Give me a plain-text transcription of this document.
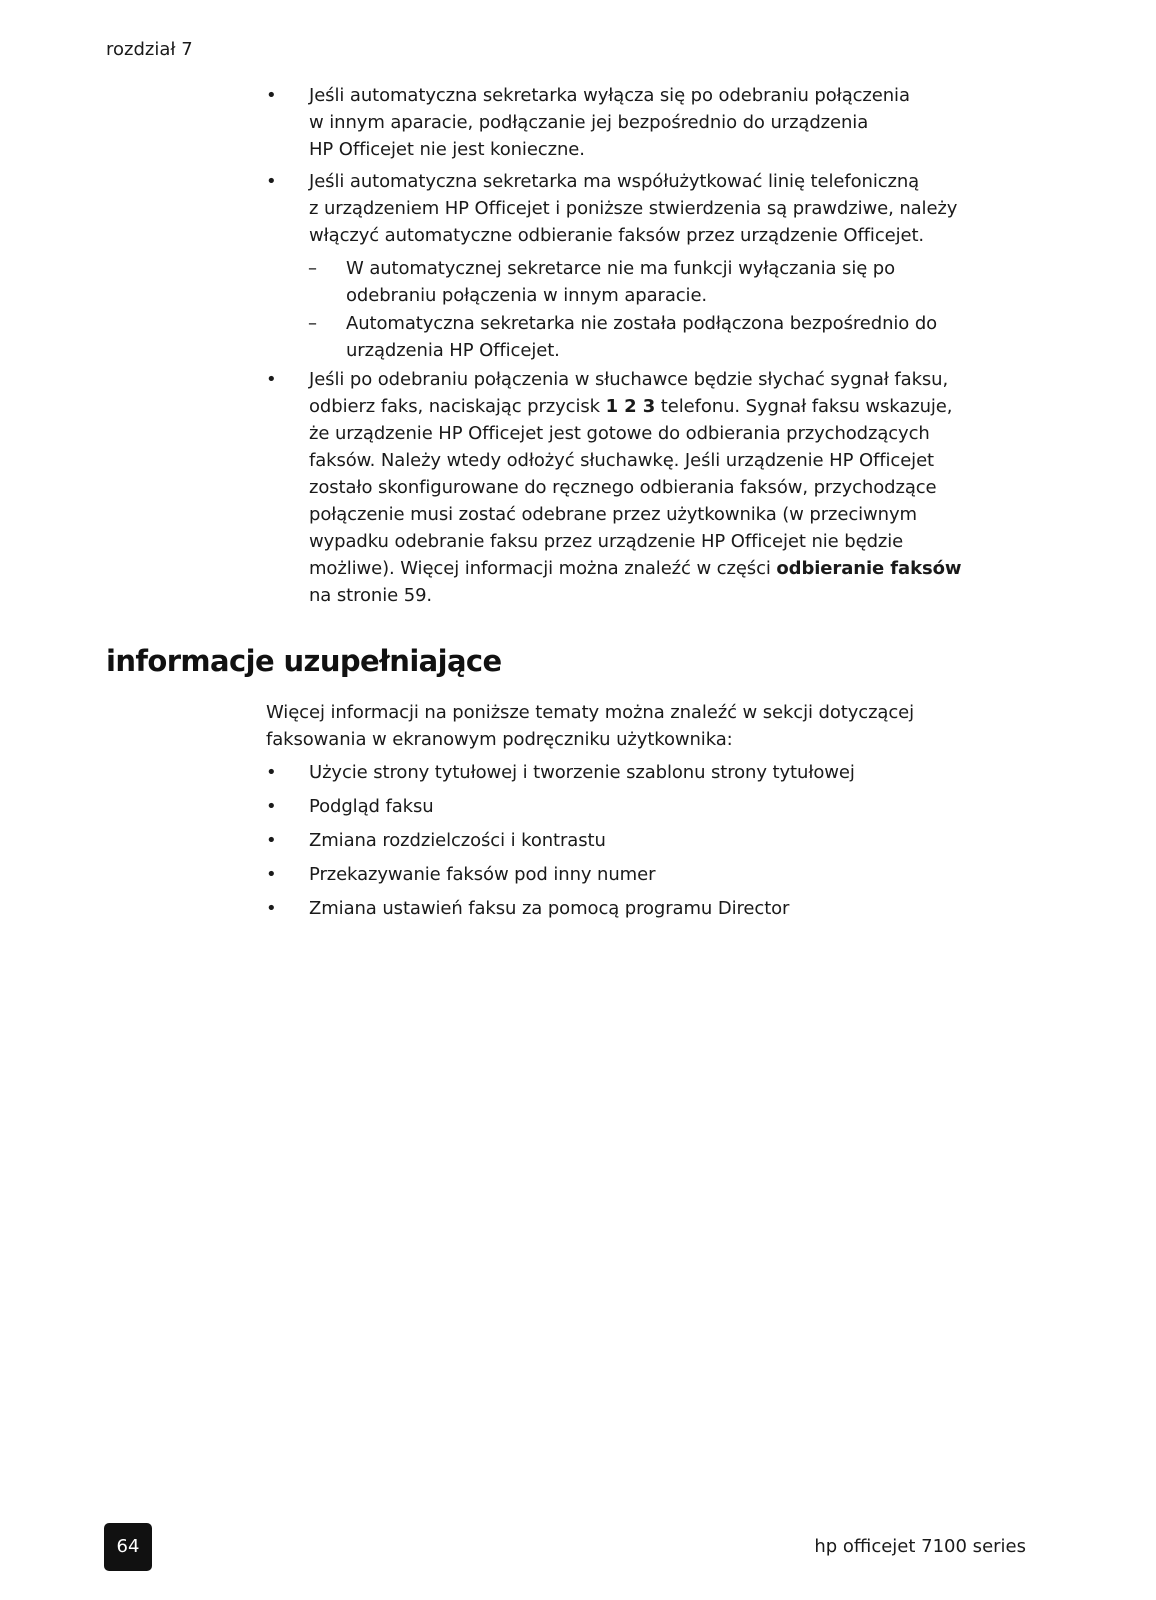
rozdział 7
• Jeśli automatyczna sekretarka wyłącza się po odebraniu połączenia
w innym aparacie, podłączanie jej bezpośrednio do urządzenia
HP Officejet nie jest konieczne.
• Jeśli automatyczna sekretarka ma współużytkować linię telefoniczną
z urządzeniem HP Officejet i poniższe stwierdzenia są prawdziwe, należy
włączyć automatyczne odbieranie faksów przez urządzenie Officejet.
– W automatycznej sekretarce nie ma funkcji wyłączania się po
odebraniu połączenia w innym aparacie.
– Automatyczna sekretarka nie została podłączona bezpośrednio do
urządzenia HP Officejet.
• Jeśli po odebraniu połączenia w słuchawce będzie słychać sygnał faksu,
odbierz faks, naciskając przycisk 1 2 3 telefonu. Sygnał faksu wskazuje,
że urządzenie HP Officejet jest gotowe do odbierania przychodzących
faksów. Należy wtedy odłożyć słuchawkę. Jeśli urządzenie HP Officejet
zostało skonfigurowane do ręcznego odbierania faksów, przychodzące
połączenie musi zostać odebrane przez użytkownika (w przeciwnym
wypadku odebranie faksu przez urządzenie HP Officejet nie będzie
możliwe). Więcej informacji można znaleźć w części odbieranie faksów
na stronie 59.
informacje uzupełniające
Więcej informacji na poniższe tematy można znaleźć w sekcji dotyczącej
faksowania w ekranowym podręczniku użytkownika:
• Użycie strony tytułowej i tworzenie szablonu strony tytułowej
• Podgląd faksu
• Zmiana rozdzielczości i kontrastu
• Przekazywanie faksów pod inny numer
• Zmiana ustawień faksu za pomocą programu Director
64	hp officejet 7100 series
